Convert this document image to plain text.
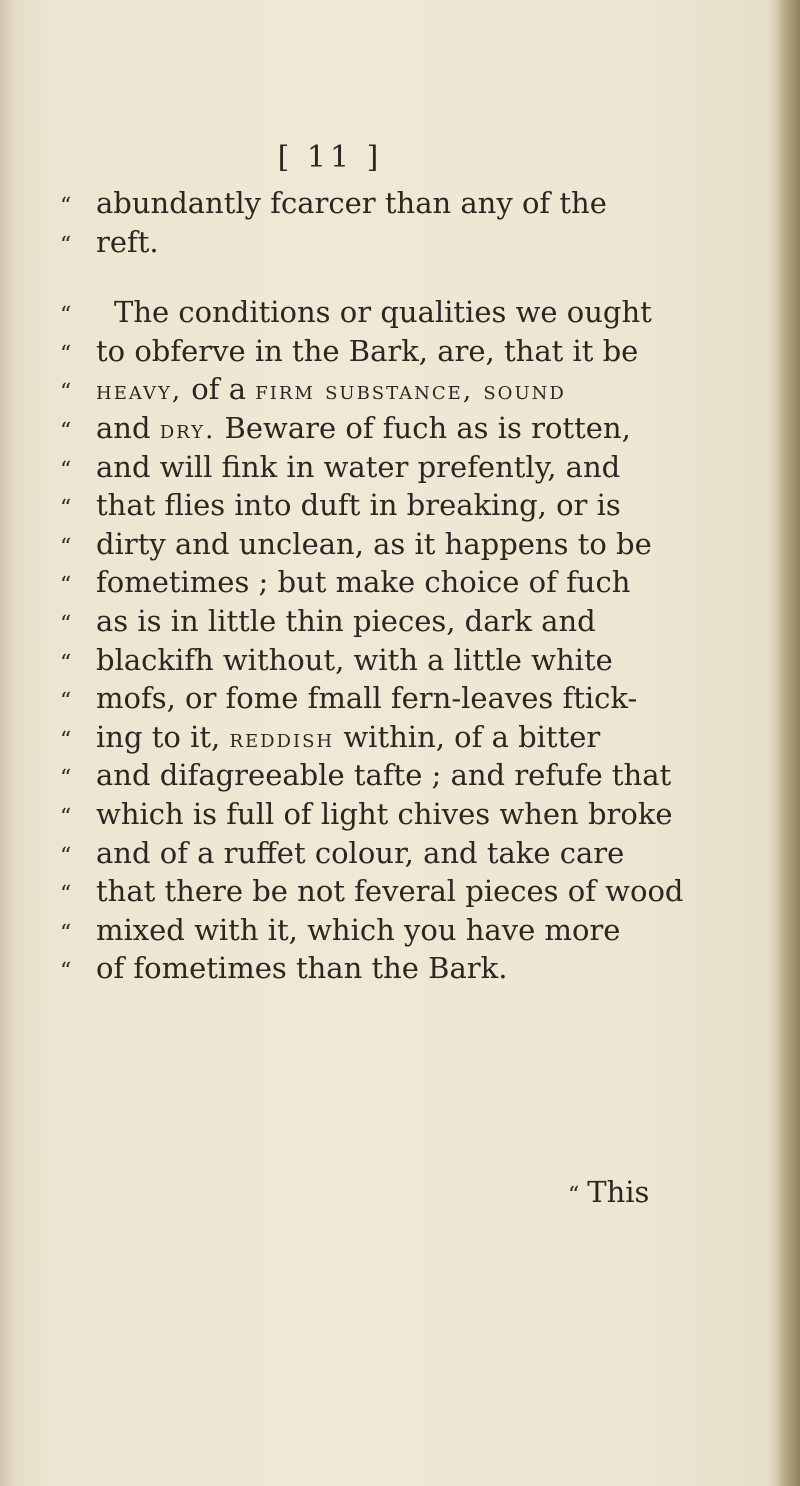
[ 11 ]
“ abundantly fcarcer than any of the
“ reft.
“	The conditions or qualities we ought
“ to obferve in the Bark, are, that it be
“ heavy, of a firm substance, sound
“ and dry. Beware of fuch as is rotten,
“ and will fink in water prefently, and
“ that flies into duft in breaking, or is
“ dirty and unclean, as it happens to be
“ fometimes ; but make choice of fuch
“ as is in little thin pieces, dark and
“ blackifh without, with a little white
“ mofs, or fome fmall fern-leaves ftick-
“ ing to it, reddish within, of a bitter
“ and difagreeable tafte ; and refufe that
“ which is full of light chives when broke
“ and of a ruffet colour, and take care
“ that there be not feveral pieces of wood
“ mixed with it, which you have more
“ of fometimes than the Bark.
“ This
